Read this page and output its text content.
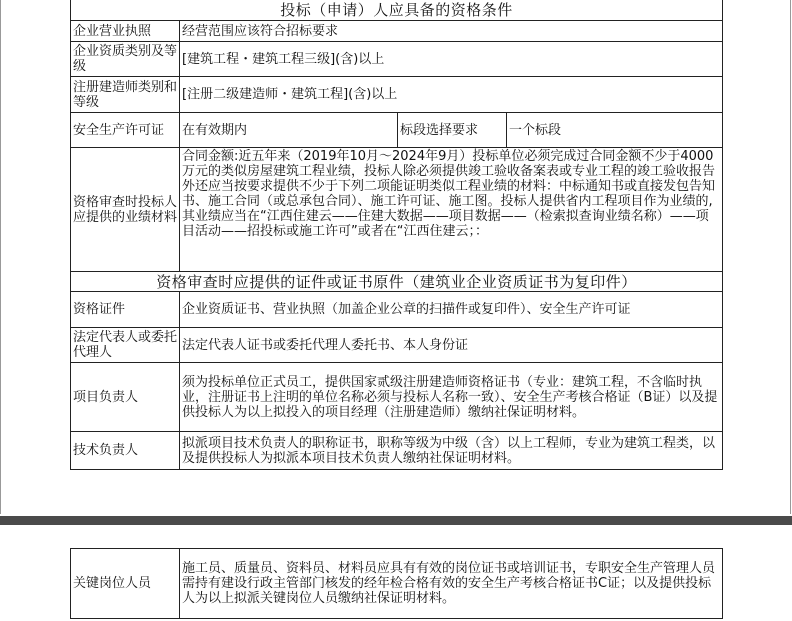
投标（申请）人应具备的资格条件			
企业营业执照	经营范围应该符合招标要求		
企业资质类别及等级	[建筑工程・建筑工程三级](含)以上		
注册建造师类别和等级	[注册二级建造师・建筑工程](含)以上		
安全生产许可证	在有效期内	标段选择要求	一个标段
资格审查时投标人应提供的业绩材料	合同金额:近五年来（2019年10月～2024年9月）投标单位必须完成过合同金额不少于4000万元的类似房屋建筑工程业绩，投标人除必须提供竣工验收备案表或专业工程的竣工验收报告外还应当按要求提供不少于下列二项能证明类似工程业绩的材料：中标通知书或直接发包告知书、施工合同（或总承包合同）、施工许可证、施工图。投标人提供省内工程项目作为业绩的,其业绩应当在“江西住建云——住建大数据——项目数据——（检索拟查询业绩名称）——项目活动——招投标或施工许可”或者在“江西住建云；：		
资格审查时应提供的证件或证书原件（建筑业企业资质证书为复印件）			
资格证件	企业资质证书、营业执照（加盖企业公章的扫描件或复印件）、安全生产许可证		
法定代表人或委托代理人	法定代表人证书或委托代理人委托书、本人身份证		
项目负责人	须为投标单位正式员工，提供国家贰级注册建造师资格证书（专业：建筑工程，不含临时执业，注册证书上注明的单位名称必须与投标人名称一致）、安全生产考核合格证（B证）以及提供投标人为以上拟投入的项目经理（注册建造师）缴纳社保证明材料。		
技术负责人	拟派项目技术负责人的职称证书，职称等级为中级（含）以上工程师，专业为建筑工程类，以及提供投标人为拟派本项目技术负责人缴纳社保证明材料。		
关键岗位人员	施工员、质量员、资料员、材料员应具有有效的岗位证书或培训证书，专职安全生产管理人员需持有建设行政主管部门核发的经年检合格有效的安全生产考核合格证书C证；以及提供投标人为以上拟派关键岗位人员缴纳社保证明材料。
